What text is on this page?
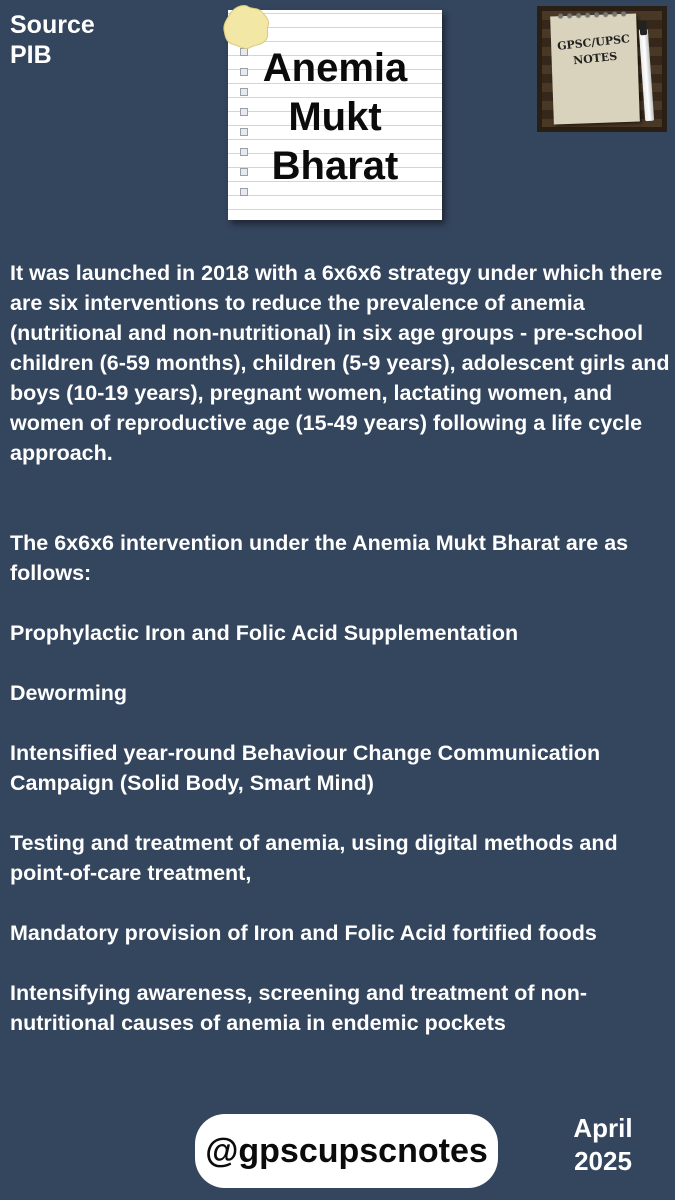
Source
PIB	Anemia
Mukt
Bharat
GPSC/UPSC
NOTES

It was launched in 2018 with a 6x6x6 strategy under which there are six interventions to reduce the prevalence of anemia (nutritional and non-nutritional) in six age groups - pre-school children (6-59 months), children (5-9 years), adolescent girls and boys (10-19 years), pregnant women, lactating women, and women of reproductive age (15-49 years) following a life cycle approach.

The 6x6x6 intervention under the Anemia Mukt Bharat are as follows:

Prophylactic Iron and Folic Acid Supplementation

Deworming

Intensified year-round Behaviour Change Communication Campaign (Solid Body, Smart Mind)

Testing and treatment of anemia, using digital methods and point-of-care treatment,

Mandatory provision of Iron and Folic Acid fortified foods

Intensifying awareness, screening and treatment of non-nutritional causes of anemia in endemic pockets

@gpscupscnotes
April
2025
